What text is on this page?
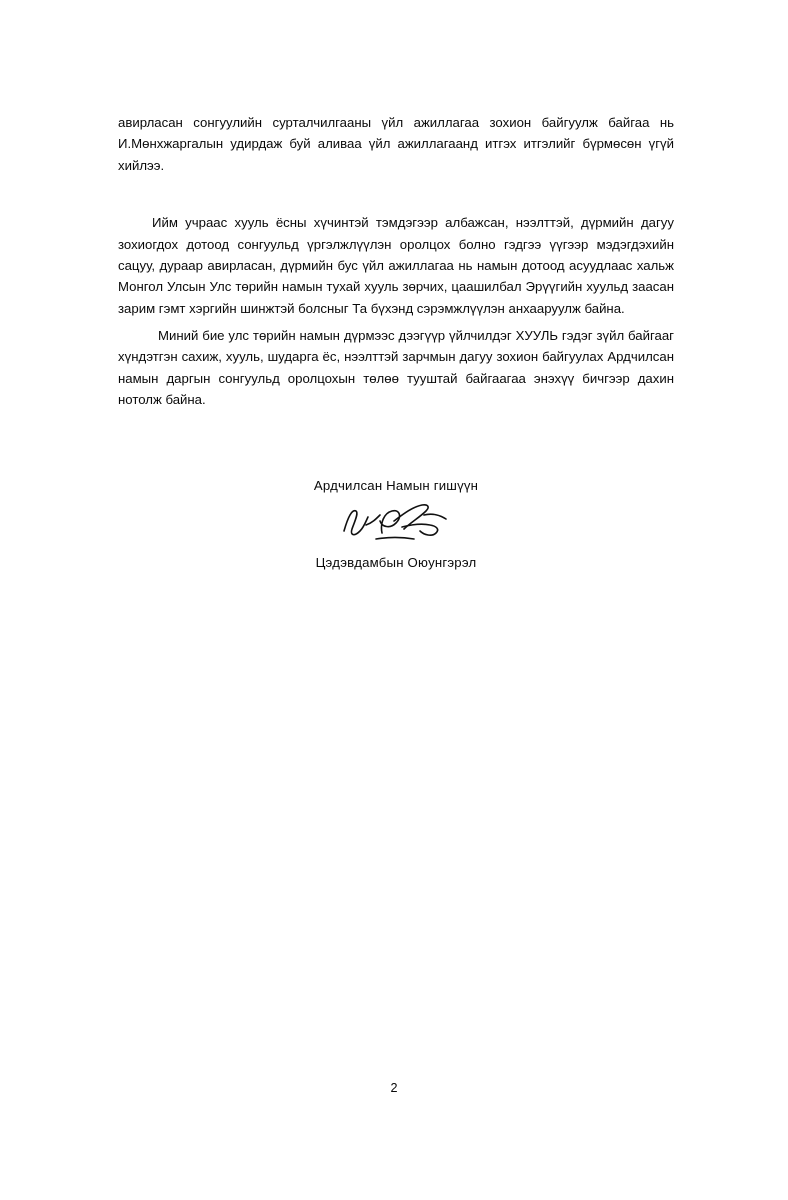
авирласан сонгуулийн сурталчилгааны үйл ажиллагаа зохион байгуулж байгаа нь И.Мөнхжаргалын удирдаж буй аливаа үйл ажиллагаанд итгэх итгэлийг бүрмөсөн үгүй хийлээ.

Ийм учраас хууль ёсны хүчинтэй тэмдэгээр албажсан, нээлттэй, дүрмийн дагуу зохиогдох дотоод сонгуульд үргэлжлүүлэн оролцох болно гэдгээ үүгээр мэдэгдэхийн сацуу, дураар авирласан, дүрмийн бус үйл ажиллагаа нь намын дотоод асуудлаас хальж Монгол Улсын Улс төрийн намын тухай хууль зөрчих, цаашилбал Эрүүгийн хуульд заасан зарим гэмт хэргийн шинжтэй болсныг Та бүхэнд сэрэмжлүүлэн анхааруулж байна.

Миний бие улс төрийн намын дүрмээс дээгүүр үйлчилдэг ХУУЛЬ гэдэг зүйл байгааг хүндэтгэн сахиж, хууль, шударга ёс, нээлттэй зарчмын дагуу зохион байгуулах Ардчилсан намын даргын сонгуульд оролцохын төлөө тууштай байгаагаа энэхүү бичгээр дахин нотолж байна.

Ардчилсан Намын гишүүн
Цэдэвдамбын Оюунгэрэл
2
